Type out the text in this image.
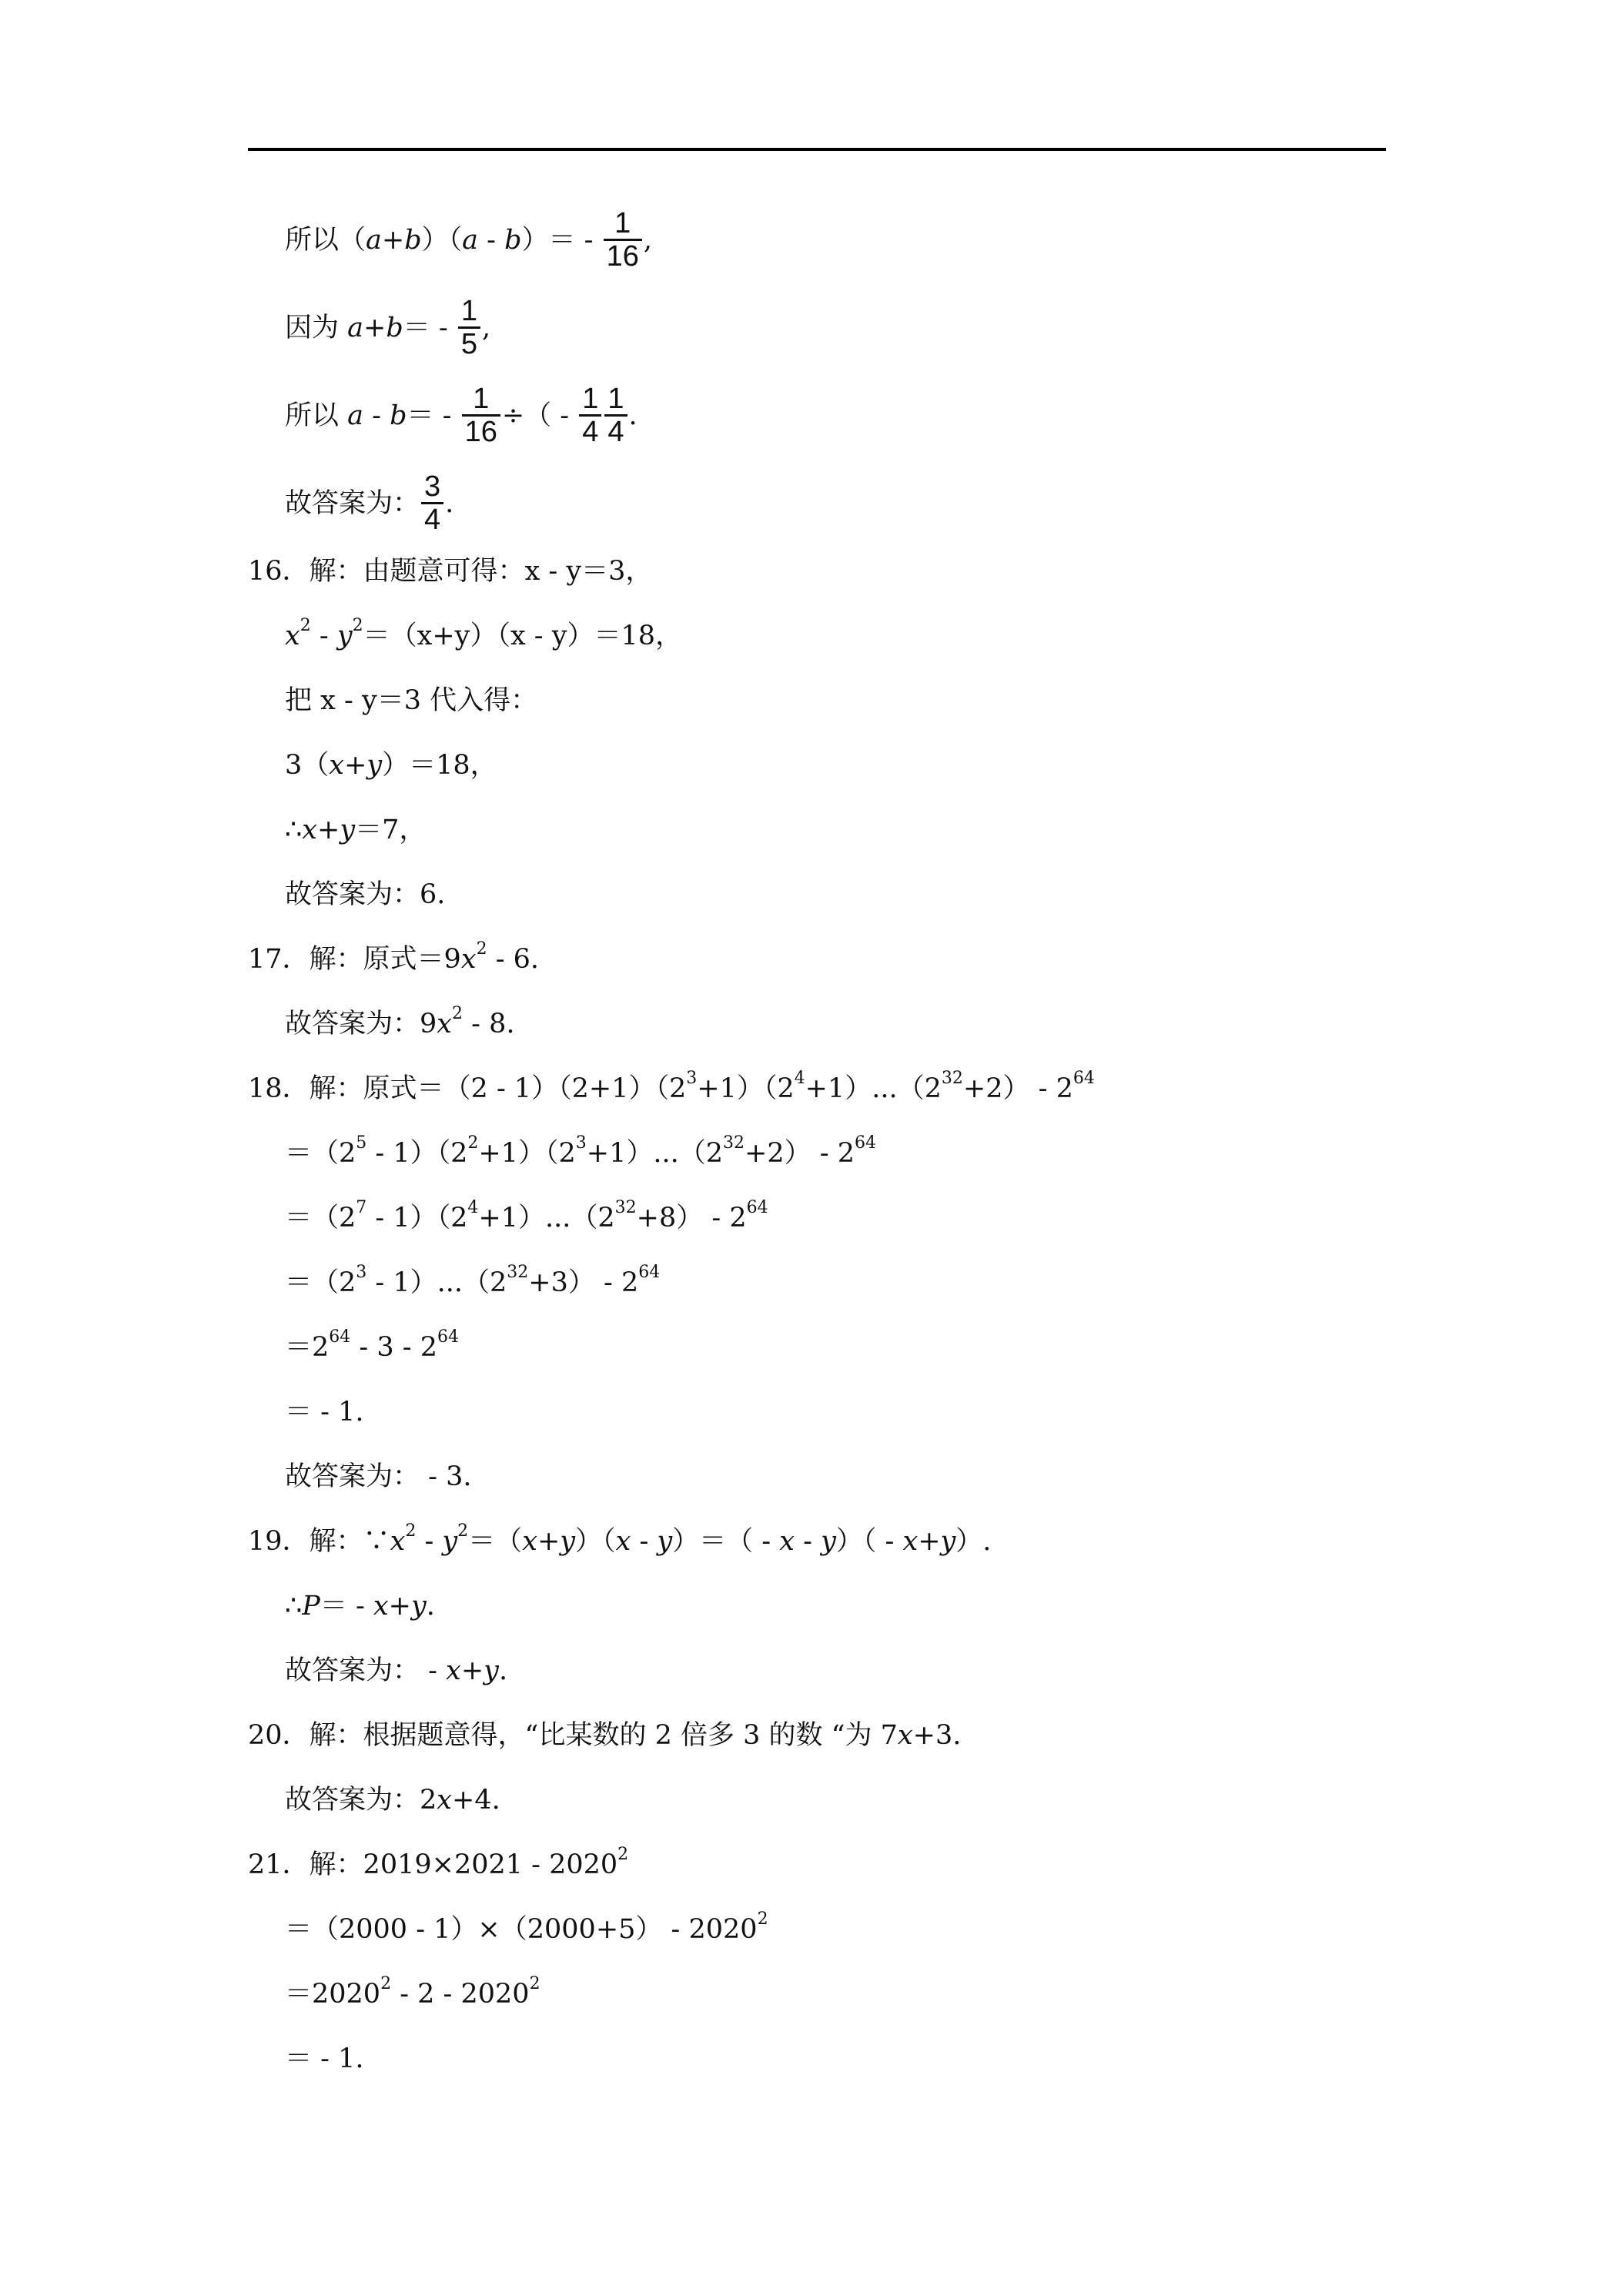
所以$(a+b)(a - b)= - \frac{1}{16}$ ,
因为 $a+b= - \frac{1}{5}$ ,
所以 $a - b= - \frac{1}{16}$ ÷（ - $\frac{1}{4} \frac{1}{4}$ .
故答案为： $\frac{3}{4}$ .
16．解：由题意可得：x - y＝3，
$x^2 - y^2=(x+y)(x - y)=18$，
把 x - y＝3 代入得：
3（x+y）＝18，
∴x+y＝7，
故答案为：6.
17．解：原式$=9x^2 - 6$.
故答案为：$9x^2 - 8$.
18．解：原式$=(2 - 1)(2+1)(2^3+1)(2^4+1)...(2^{32}+2) - 2^{64}$
$=(2^5 - 1)(2^2+1)(2^3+1)...(2^{32}+2) - 2^{64}$
$=(2^7 - 1)(2^4+1)...(2^{32}+8) - 2^{64}$
$=(2^3 - 1)...(2^{32}+3) - 2^{64}$
$=2^{64} - 3 - 2^{64}$
＝ - 1.
故答案为： - 3.
19．解：$\because x^2 - y^2=(x+y)(x - y)=( - x - y)( - x+y)$.
∴P＝ - x+y.
故答案为： - x+y.
20．解：根据题意得，“比某数的 2 倍多 3 的数 “为 7x+3.
故答案为：2x+4.
21．解：$2019\times 2021 - 2020^2$
$=(2000 - 1)\times(2000+5) - 2020^2$
$=2020^2 - 2 - 2020^2$
＝ - 1.
